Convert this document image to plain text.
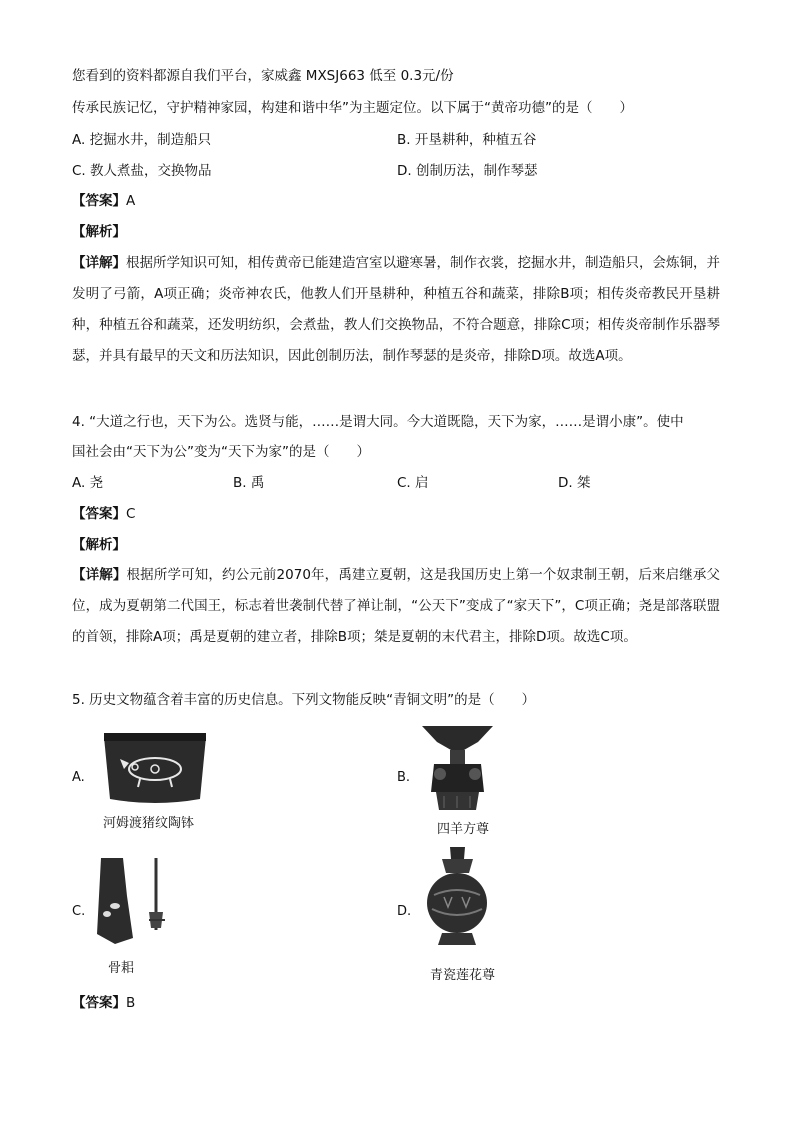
您看到的资料都源自我们平台，家威鑫 MXSJ663 低至 0.3元/份
传承民族记忆，守护精神家园，构建和谐中华”为主题定位。以下属于“黄帝功德”的是（　　）
A. 挖掘水井，制造船只	B. 开垦耕种，种植五谷
C. 教人煮盐，交换物品	D. 创制历法，制作琴瑟
【答案】A
【解析】
【详解】根据所学知识可知，相传黄帝已能建造宫室以避寒暑，制作衣裳，挖掘水井，制造船只，会炼铜，并发明了弓箭，A项正确；炎帝神农氏，他教人们开垦耕种，种植五谷和蔬菜，排除B项；相传炎帝教民开垦耕种，种植五谷和蔬菜，还发明纺织，会煮盐，教人们交换物品，不符合题意，排除C项；相传炎帝制作乐器琴瑟，并具有最早的天文和历法知识，因此创制历法，制作琴瑟的是炎帝，排除D项。故选A项。
4. “大道之行也，天下为公。选贤与能，……是谓大同。今大道既隐，天下为家，……是谓小康”。使中
国社会由“天下为公”变为“天下为家”的是（　　）
A. 尧	B. 禹	C. 启	D. 桀
【答案】C
【解析】
【详解】根据所学可知，约公元前2070年，禹建立夏朝，这是我国历史上第一个奴隶制王朝，后来启继承父位，成为夏朝第二代国王，标志着世袭制代替了禅让制，“公天下”变成了“家天下”，C项正确；尧是部落联盟的首领，排除A项；禹是夏朝的建立者，排除B项；桀是夏朝的末代君主，排除D项。故选C项。
5. 历史文物蕴含着丰富的历史信息。下列文物能反映“青铜文明”的是（　　）
A.
河姆渡猪纹陶钵
B.
四羊方尊
C.
骨耜
D.
青瓷莲花尊
【答案】B
